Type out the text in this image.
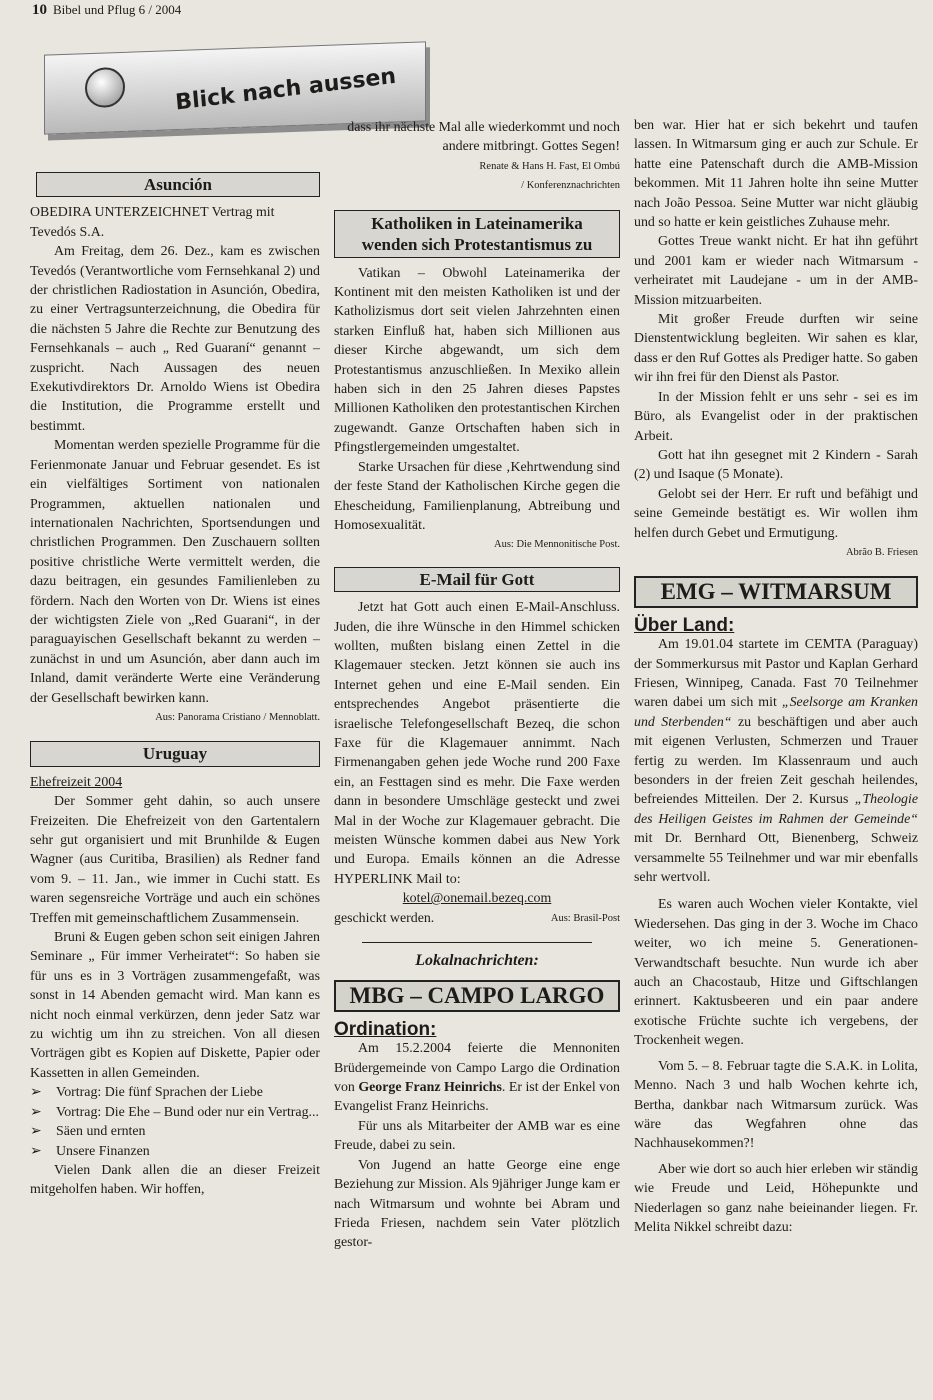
10 Bibel und Pflug 6 / 2004
Blick nach aussen
Asunción

OBEDIRA UNTERZEICHNET Vertrag mit Tevedós S.A.

Am Freitag, dem 26. Dez., kam es zwischen Tevedós (Verantwortliche vom Fernsehkanal 2) und der christlichen Radiostation in Asunción, Obedira, zu einer Vertragsunterzeichnung, die Obedira für die nächsten 5 Jahre die Rechte zur Benutzung des Fernsehkanals – auch „ Red Guaraní“ genannt – zuspricht. Nach Aussagen des neuen Exekutivdirektors Dr. Arnoldo Wiens ist Obedira die Institution, die Programme erstellt und bestimmt.

Momentan werden spezielle Programme für die Ferienmonate Januar und Februar gesendet. Es ist ein vielfältiges Sortiment von nationalen Programmen, aktuellen nationalen und internationalen Nachrichten, Sportsendungen und christlichen Programmen. Den Zuschauern sollten positive christliche Werte vermittelt werden, die dazu beitragen, ein gesundes Familienleben zu fördern. Nach den Worten von Dr. Wiens ist eines der wichtigsten Ziele von „Red Guarani“, in der paraguayischen Gesellschaft bekannt zu werden – zunächst in und um Asunción, aber dann auch im Inland, damit veränderte Werte eine Veränderung der Gesellschaft bewirken kann.

Aus: Panorama Cristiano / Mennoblatt.

Uruguay

Ehefreizeit 2004

Der Sommer geht dahin, so auch unsere Freizeiten. Die Ehefreizeit von den Gartentalern sehr gut organisiert und mit Brunhilde & Eugen Wagner (aus Curitiba, Brasilien) als Redner fand vom 9. – 11. Jan., wie immer in Cuchi statt. Es waren segensreiche Vorträge und auch ein schönes Treffen mit gemeinschaftlichem Zusammensein.

Bruni & Eugen geben schon seit einigen Jahren Seminare „ Für immer Verheiratet“: So haben sie für uns es in 3 Vorträgen zusammengefaßt, was sonst in 14 Abenden gemacht wird. Man kann es nicht noch einmal verkürzen, denn jeder Satz war zu wichtig um ihn zu streichen. Von all diesen Vorträgen gibt es Kopien auf Diskette, Papier oder Kassetten in allen Gemeinden.

➢	Vortrag: Die fünf Sprachen der Liebe
➢	Vortrag: Die Ehe – Bund oder nur ein Vertrag...
➢	Säen und ernten
➢	Unsere Finanzen

Vielen Dank allen die an dieser Freizeit mitgeholfen haben. Wir hoffen,

dass ihr nächste Mal alle wiederkommt und noch andere mitbringt. Gottes Segen!

Renate & Hans H. Fast, El Ombú

/ Konferenznachrichten

Katholiken in Lateinamerika
wenden sich Protestantismus zu

Vatikan – Obwohl Lateinamerika der Kontinent mit den meisten Katholiken ist und der Katholizismus dort seit vielen Jahrzehnten einen starken Einfluß hat, haben sich Millionen aus dieser Kirche abgewandt, um sich dem Protestantismus anzuschließen. In Mexiko allein haben sich in den 25 Jahren dieses Papstes Millionen Katholiken den protestantischen Kirchen zugewandt. Ganze Ortschaften haben sich in Pfingstlergemeinden umgestaltet.

Starke Ursachen für diese ‚Kehrtwendung sind der feste Stand der Katholischen Kirche gegen die Ehescheidung, Familienplanung, Abtreibung und Homosexualität.

Aus: Die Mennonitische Post.

E-Mail für Gott

Jetzt hat Gott auch einen E-Mail-Anschluss. Juden, die ihre Wünsche in den Himmel schicken wollten, mußten bislang einen Zettel in die Klagemauer stecken. Jetzt können sie auch ins Internet gehen und eine E-Mail senden. Ein entsprechendes Angebot präsentierte die israelische Telefongesellschaft Bezeq, die schon Faxe für die Klagemauer annimmt. Nach Firmenangaben gehen jede Woche rund 200 Faxe ein, an Festtagen sind es mehr. Die Faxe werden dann in besondere Umschläge gesteckt und zwei Mal in der Woche zur Klagemauer gebracht. Die meisten Wünsche kommen dabei aus New York und Europa. Emails können an die Adresse HYPERLINK Mail to:

kotel@onemail.bezeq.com

geschickt werden.	Aus: Brasil-Post

Lokalnachrichten:

MBG – CAMPO LARGO

Ordination:

Am 15.2.2004 feierte die Mennoniten Brüdergemeinde von Campo Largo die Ordination von George Franz Heinrichs. Er ist der Enkel von Evangelist Franz Heinrichs.

Für uns als Mitarbeiter der AMB war es eine Freude, dabei zu sein.

Von Jugend an hatte George eine enge Beziehung zur Mission. Als 9jähriger Junge kam er nach Witmarsum und wohnte bei Abram und Frieda Friesen, nachdem sein Vater plötzlich gestor-

ben war. Hier hat er sich bekehrt und taufen lassen. In Witmarsum ging er auch zur Schule. Er hatte eine Patenschaft durch die AMB-Mission bekommen. Mit 11 Jahren holte ihn seine Mutter nach João Pessoa. Seine Mutter war nicht gläubig und so hatte er kein geistliches Zuhause mehr.

Gottes Treue wankt nicht. Er hat ihn geführt und 2001 kam er wieder nach Witmarsum - verheiratet mit Laudejane - um in der AMB-Mission mitzuarbeiten.

Mit großer Freude durften wir seine Dienstentwicklung begleiten. Wir sahen es klar, dass er den Ruf Gottes als Prediger hatte. So gaben wir ihn frei für den Dienst als Pastor.

In der Mission fehlt er uns sehr - sei es im Büro, als Evangelist oder in der praktischen Arbeit.

Gott hat ihn gesegnet mit 2 Kindern - Sarah (2) und Isaque (5 Monate).

Gelobt sei der Herr. Er ruft und befähigt und seine Gemeinde bestätigt es. Wir wollen ihm helfen durch Gebet und Ermutigung.

Abrão B. Friesen

EMG – WITMARSUM

Über Land:

Am 19.01.04 startete im CEMTA (Paraguay) der Sommerkursus mit Pastor und Kaplan Gerhard Friesen, Winnipeg, Canada. Fast 70 Teilnehmer waren dabei um sich mit „Seelsorge am Kranken und Sterbenden“ zu beschäftigen und aber auch mit eigenen Verlusten, Schmerzen und Trauer fertig zu werden. Im Klassenraum und auch besonders in der freien Zeit geschah heilendes, befreiendes Mitteilen. Der 2. Kursus „Theologie des Heiligen Geistes im Rahmen der Gemeinde“ mit Dr. Bernhard Ott, Bienenberg, Schweiz versammelte 55 Teilnehmer und war mir ebenfalls sehr wertvoll.

Es waren auch Wochen vieler Kontakte, viel Wiedersehen. Das ging in der 3. Woche im Chaco weiter, wo ich meine 5. Generationen-Verwandtschaft besuchte. Nun wurde ich aber auch an Chacostaub, Hitze und Giftschlangen erinnert. Kaktusbeeren und ein paar andere exotische Früchte suchte ich vergebens, der Trockenheit wegen.

Vom 5. – 8. Februar tagte die S.A.K. in Lolita, Menno. Nach 3 und halb Wochen kehrte ich, Bertha, dankbar nach Witmarsum zurück. Was wäre das Wegfahren ohne das Nachhausekommen?!

Aber wie dort so auch hier erleben wir ständig wie Freude und Leid, Höhepunkte und Niederlagen so ganz nahe beieinander liegen. Fr. Melita Nikkel schreibt dazu:
